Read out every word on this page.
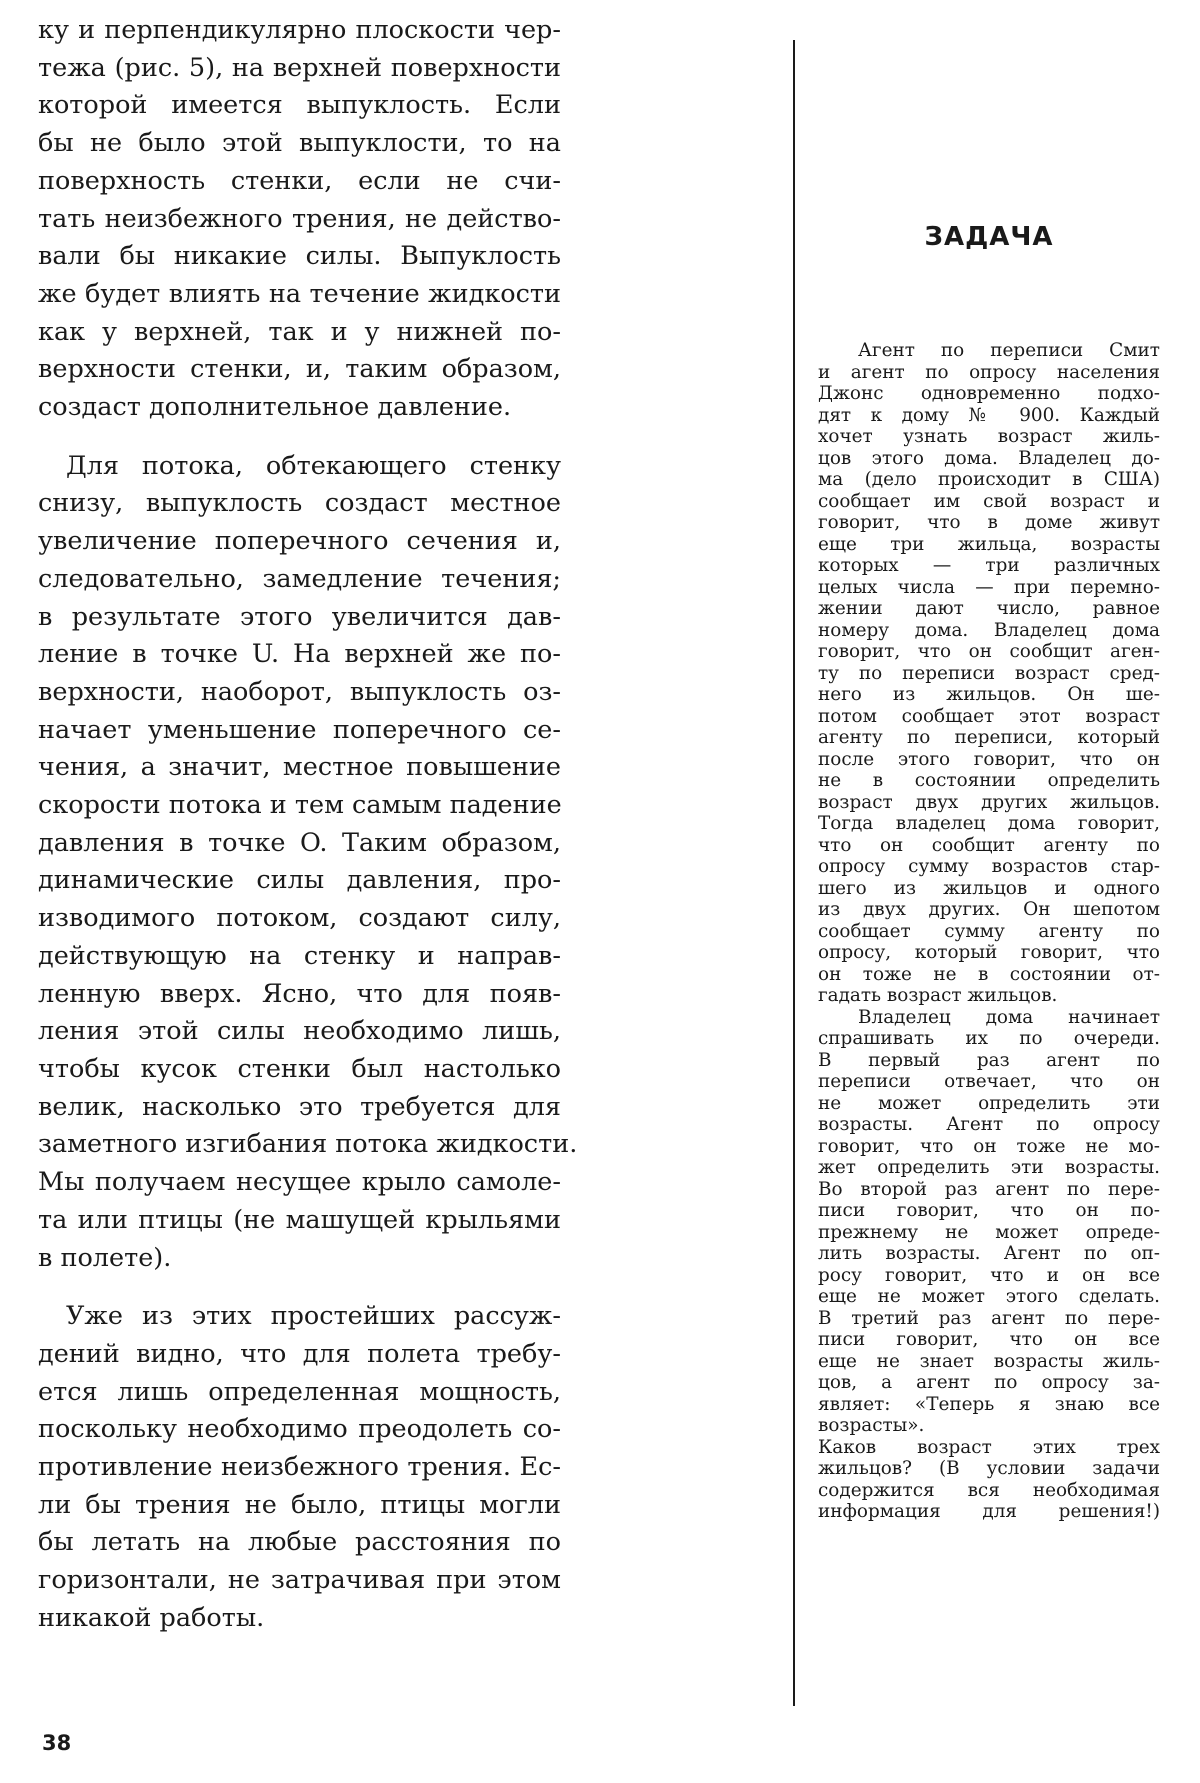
ку и перпендикулярно плоскости чер-
тежа (рис. 5), на верхней поверхности
которой имеется выпуклость. Если
бы не было этой выпуклости, то на
поверхность стенки, если не счи-
тать неизбежного трения, не действо-
вали бы никакие силы. Выпуклость
же будет влиять на течение жидкости
как у верхней, так и у нижней по-
верхности стенки, и, таким образом,
создаст дополнительное давление.

Для потока, обтекающего стенку
снизу, выпуклость создаст местное
увеличение поперечного сечения и,
следовательно, замедление течения;
в результате этого увеличится дав-
ление в точке U. На верхней же по-
верхности, наоборот, выпуклость оз-
начает уменьшение поперечного се-
чения, а значит, местное повышение
скорости потока и тем самым падение
давления в точке O. Таким образом,
динамические силы давления, про-
изводимого потоком, создают силу,
действующую на стенку и направ-
ленную вверх. Ясно, что для появ-
ления этой силы необходимо лишь,
чтобы кусок стенки был настолько
велик, насколько это требуется для
заметного изгибания потока жидкости.
Мы получаем несущее крыло самоле-
та или птицы (не машущей крыльями
в полете).

Уже из этих простейших рассуж-
дений видно, что для полета требу-
ется лишь определенная мощность,
поскольку необходимо преодолеть со-
противление неизбежного трения. Ес-
ли бы трения не было, птицы могли
бы летать на любые расстояния по
горизонтали, не затрачивая при этом
никакой работы.

ЗАДАЧА

Агент по переписи Смит
и агент по опросу населения
Джонс одновременно подхо-
дят к дому № 900. Каждый
хочет узнать возраст жиль-
цов этого дома. Владелец до-
ма (дело происходит в США)
сообщает им свой возраст и
говорит, что в доме живут
еще три жильца, возрасты
которых — три различных
целых числа — при перемно-
жении дают число, равное
номеру дома. Владелец дома
говорит, что он сообщит аген-
ту по переписи возраст сред-
него из жильцов. Он ше-
потом сообщает этот возраст
агенту по переписи, который
после этого говорит, что он
не в состоянии определить
возраст двух других жильцов.
Тогда владелец дома говорит,
что он сообщит агенту по
опросу сумму возрастов стар-
шего из жильцов и одного
из двух других. Он шепотом
сообщает сумму агенту по
опросу, который говорит, что
он тоже не в состоянии от-
гадать возраст жильцов.
Владелец дома начинает
спрашивать их по очереди.
В первый раз агент по
переписи отвечает, что он
не может определить эти
возрасты. Агент по опросу
говорит, что он тоже не мо-
жет определить эти возрасты.
Во второй раз агент по пере-
писи говорит, что он по-
прежнему не может опреде-
лить возрасты. Агент по оп-
росу говорит, что и он все
еще не может этого сделать.
В третий раз агент по пере-
писи говорит, что он все
еще не знает возрасты жиль-
цов, а агент по опросу за-
являет: «Теперь я знаю все
возрасты».
Каков возраст этих трех
жильцов? (В условии задачи
содержится вся необходимая
информация для решения!)

38
